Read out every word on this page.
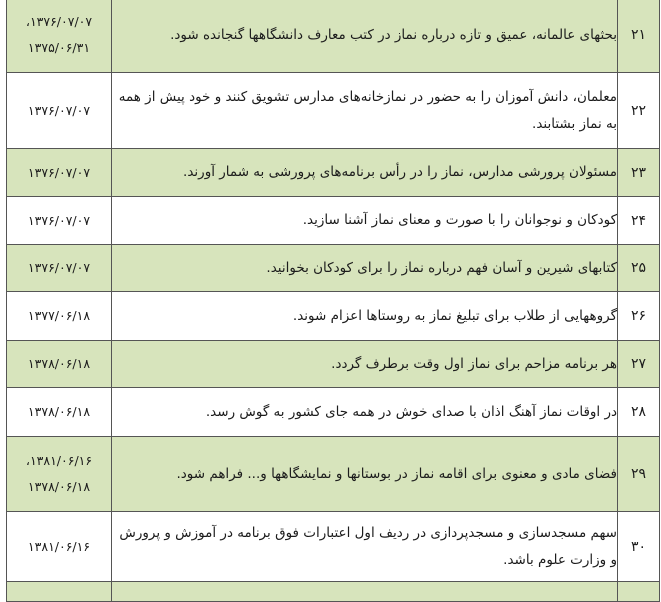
۱۳۷۶/۰۷/۰۷،
۱۳۷۵/۰۶/۳۱	بحثهای عالمانه، عمیق و تازه درباره نماز در کتب معارف دانشگاهها گنجانده شود.	۲۱

۱۳۷۶/۰۷/۰۷	معلمان، دانش آموزان را به حضور در نمازخانه‌های مدارس تشویق کنند و خود پیش از همه به نماز بشتابند.	۲۲

۱۳۷۶/۰۷/۰۷	مسئولان پرورشی مدارس، نماز را در رأس برنامه‌های پرورشی به شمار آورند.	۲۳

۱۳۷۶/۰۷/۰۷	کودکان و نوجوانان را با صورت و معنای نماز آشنا سازید.	۲۴

۱۳۷۶/۰۷/۰۷	کتابهای شیرین و آسان فهم درباره نماز را برای کودکان بخوانید.	۲۵

۱۳۷۷/۰۶/۱۸	گروههایی از طلاب برای تبلیغ نماز به روستاها اعزام شوند.	۲۶

۱۳۷۸/۰۶/۱۸	هر برنامه مزاحم برای نماز اول وقت برطرف گردد.	۲۷

۱۳۷۸/۰۶/۱۸	در اوقات نماز آهنگ اذان با صدای خوش در همه جای کشور به گوش رسد.	۲۸

۱۳۸۱/۰۶/۱۶،
۱۳۷۸/۰۶/۱۸	فضای مادی و معنوی برای اقامه نماز در بوستانها و نمایشگاهها و... فراهم شود.	۲۹

۱۳۸۱/۰۶/۱۶	سهم مسجدسازی و مسجدپردازی در ردیف اول اعتبارات فوق برنامه در آموزش و پرورش و وزارت علوم باشد.	۳۰
